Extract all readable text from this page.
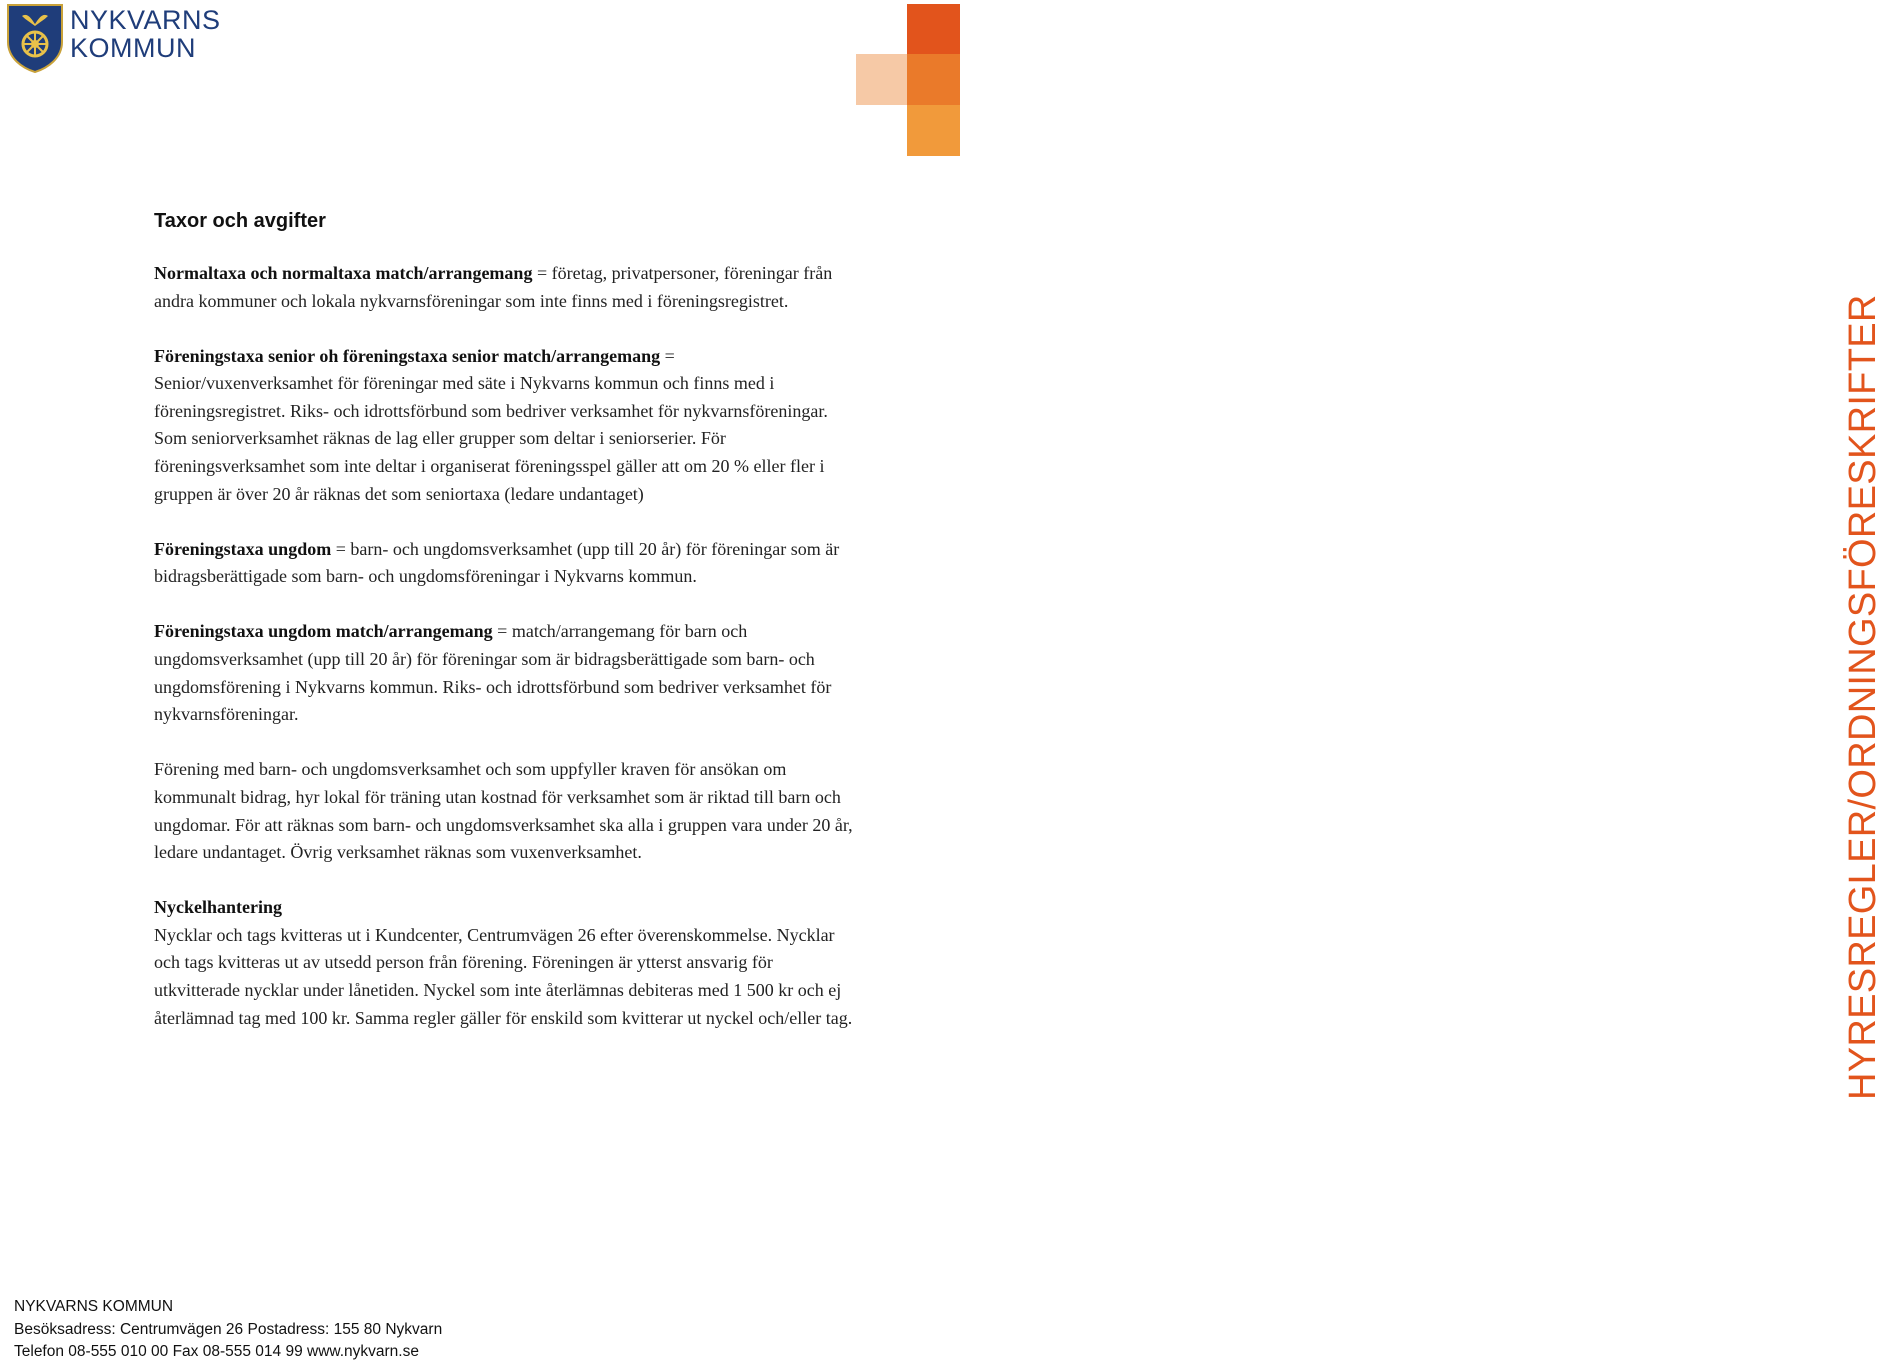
NYKVARNS
KOMMUN
HYRESREGLER/ORDNINGSFÖRESKRIFTER
Taxor och avgifter

Normaltaxa och normaltaxa match/arrangemang = företag, privatpersoner, föreningar från andra kommuner och lokala nykvarnsföreningar som inte finns med i föreningsregistret.

Föreningstaxa senior oh föreningstaxa senior match/arrangemang = Senior/vuxenverksamhet för föreningar med säte i Nykvarns kommun och finns med i föreningsregistret. Riks- och idrottsförbund som bedriver verksamhet för nykvarnsföreningar. Som seniorverksamhet räknas de lag eller grupper som deltar i seniorserier. För föreningsverksamhet som inte deltar i organiserat föreningsspel gäller att om 20 % eller fler i gruppen är över 20 år räknas det som seniortaxa (ledare undantaget)

Föreningstaxa ungdom = barn- och ungdomsverksamhet (upp till 20 år) för föreningar som är bidragsberättigade som barn- och ungdomsföreningar i Nykvarns kommun.

Föreningstaxa ungdom match/arrangemang = match/arrangemang för barn och ungdomsverksamhet (upp till 20 år) för föreningar som är bidragsberättigade som barn- och ungdomsförening i Nykvarns kommun. Riks- och idrottsförbund som bedriver verksamhet för nykvarnsföreningar.

Förening med barn- och ungdomsverksamhet och som uppfyller kraven för ansökan om kommunalt bidrag, hyr lokal för träning utan kostnad för verksamhet som är riktad till barn och ungdomar. För att räknas som barn- och ungdomsverksamhet ska alla i gruppen vara under 20 år, ledare undantaget. Övrig verksamhet räknas som vuxenverksamhet.

Nyckelhantering
Nycklar och tags kvitteras ut i Kundcenter, Centrumvägen 26 efter överenskommelse. Nycklar och tags kvitteras ut av utsedd person från förening. Föreningen är ytterst ansvarig för utkvitterade nycklar under lånetiden. Nyckel som inte återlämnas debiteras med 1 500 kr och ej återlämnad tag med 100 kr. Samma regler gäller för enskild som kvitterar ut nyckel och/eller tag.

NYKVARNS KOMMUN
Besöksadress: Centrumvägen 26 Postadress: 155 80 Nykvarn
Telefon 08-555 010 00 Fax 08-555 014 99 www.nykvarn.se
